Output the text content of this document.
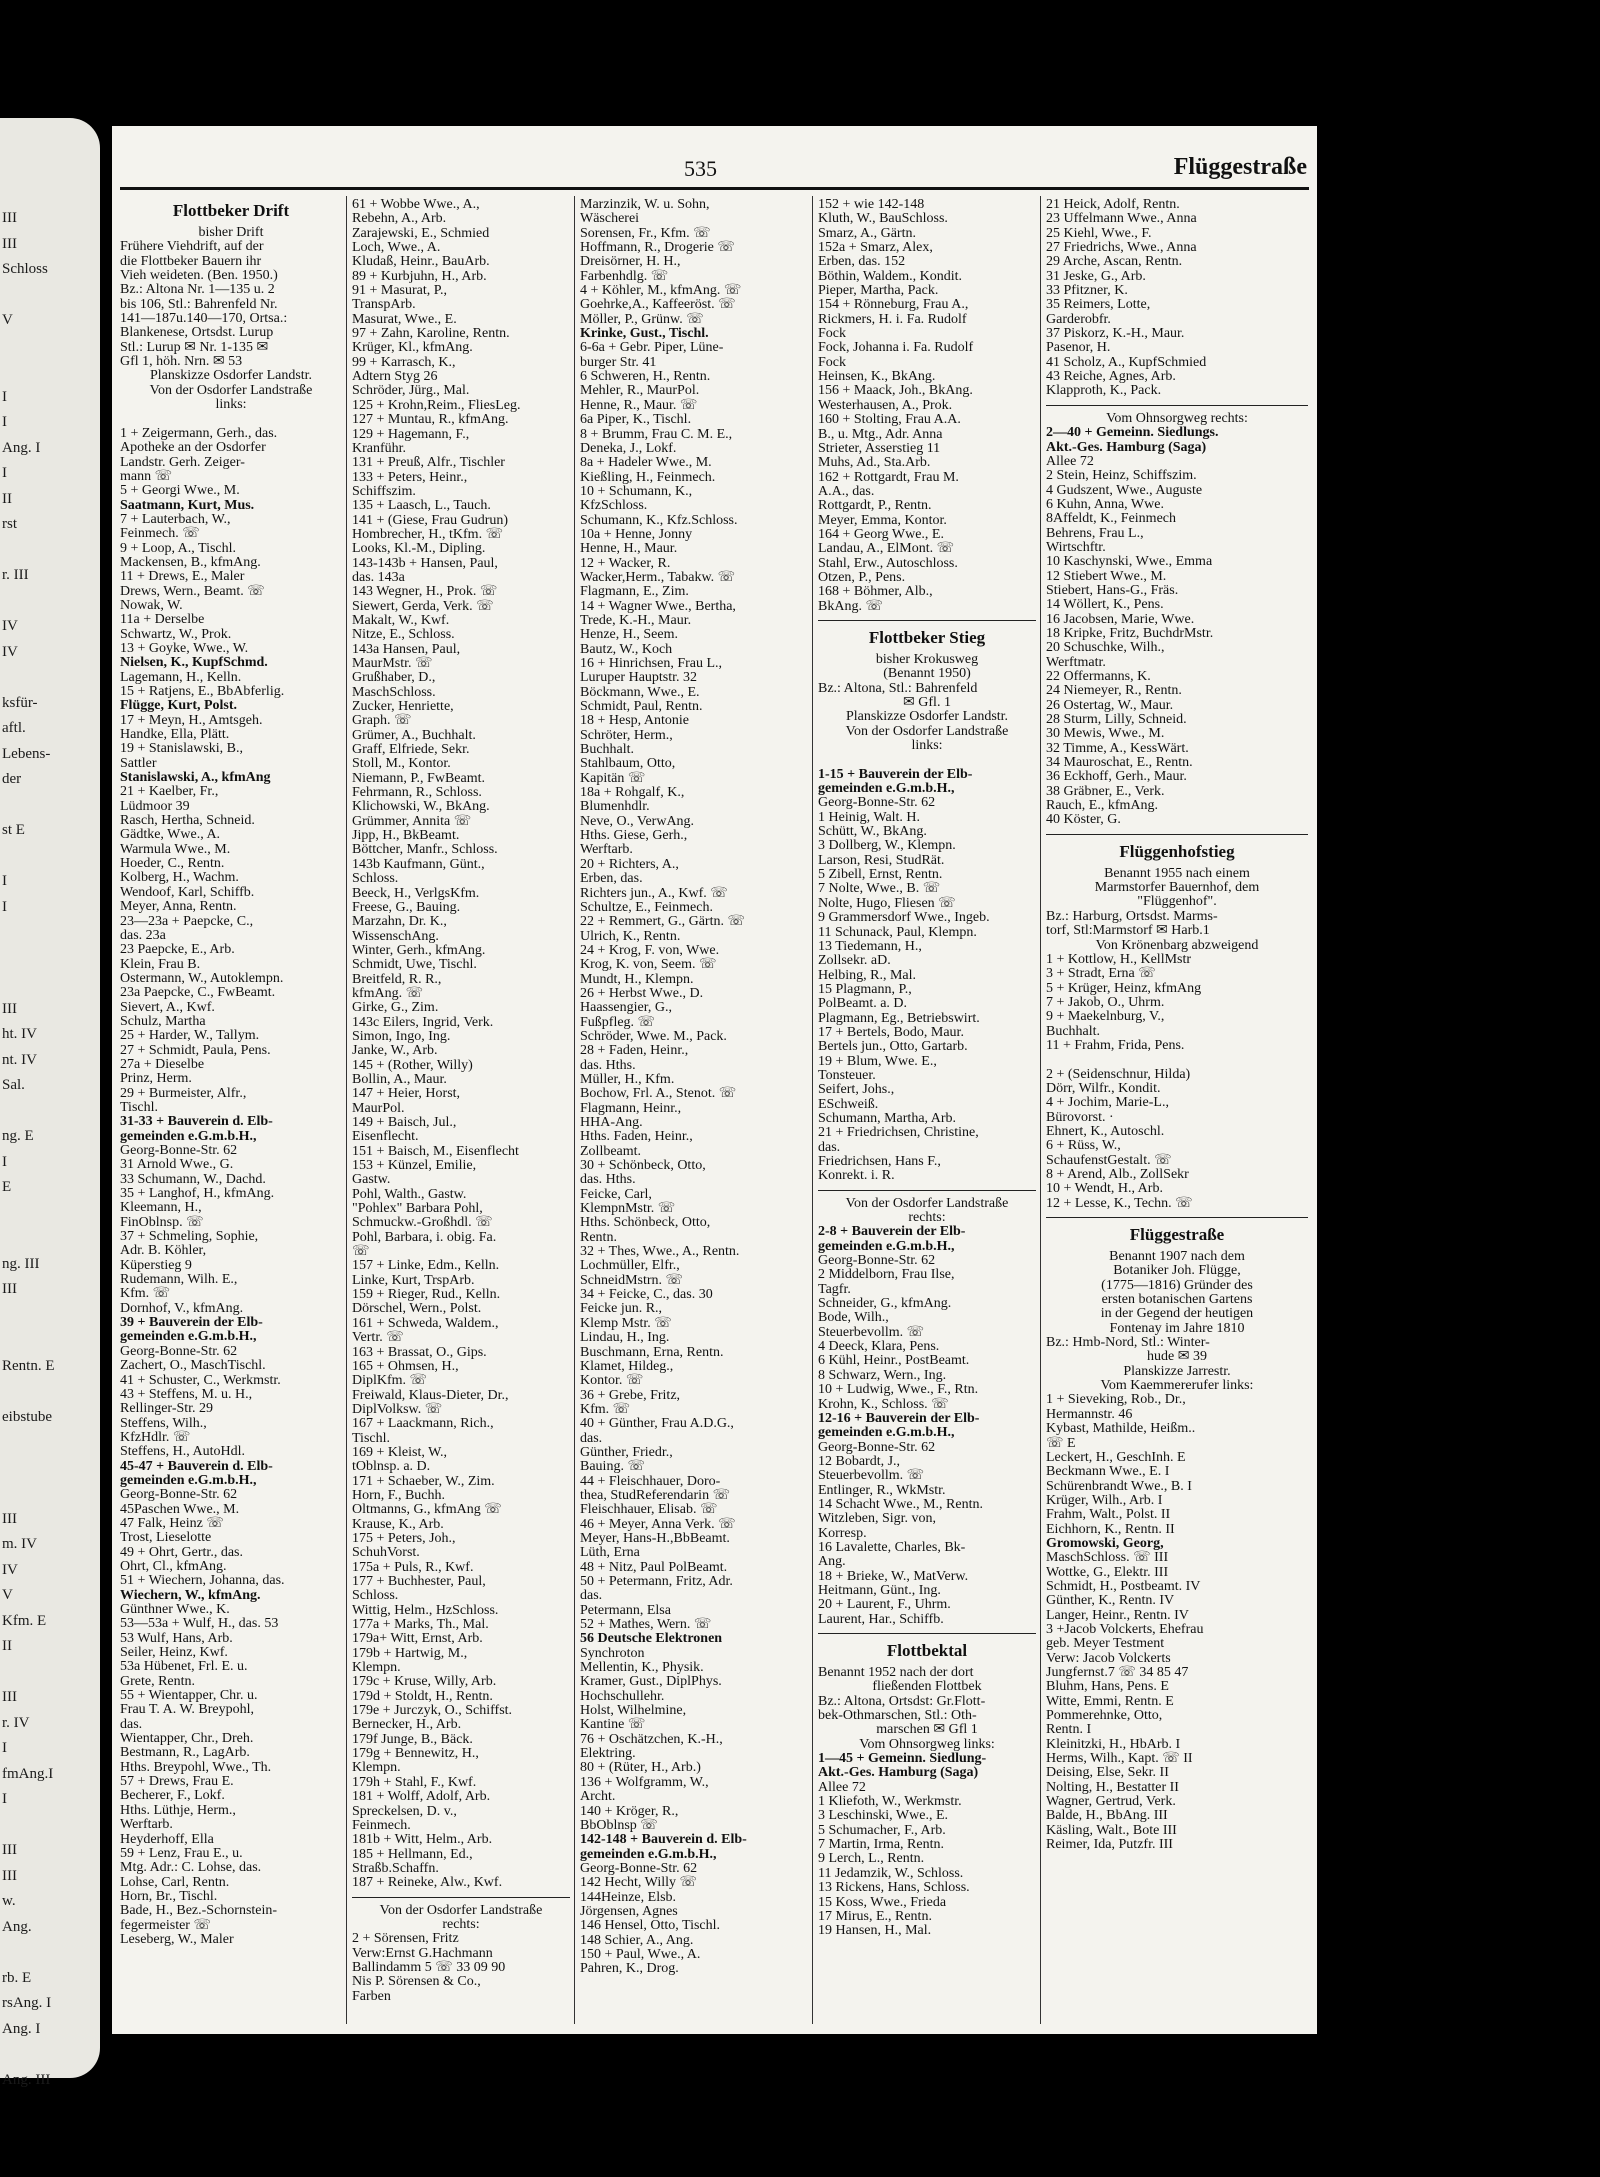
III
III
Schloss
V
I
I
Ang. I
I
II
rst
r. III
IV
IV
ksfür-
aftl.
Lebens-
der
st E
I
I
III
ht. IV
nt. IV
Sal.
ng. E
I
E
ng. III
III
Rentn. E
eibstube
III
m. IV
IV
V
Kfm. E
II
III
r. IV
I
fmAng.I
I
III
III
w.
Ang.
rb. E
rsAng. I
Ang. I
Ang. III
535	Flüggestraße
Flottbeker Drift
bisher Drift
Frühere Viehdrift, auf der
die Flottbeker Bauern ihr
Vieh weideten. (Ben. 1950.)
Bz.: Altona Nr. 1—135 u. 2
bis 106, Stl.: Bahrenfeld Nr.
141—187u.140—170, Ortsa.:
Blankenese, Ortsdst. Lurup
Stl.: Lurup ✉ Nr. 1-135 ✉
Gfl 1, höh. Nrn. ✉ 53
Planskizze Osdorfer Landstr.
Von der Osdorfer Landstraße
links:

1 + Zeigermann, Gerh., das.
Apotheke an der Osdorfer
Landstr. Gerh. Zeiger-
mann ☏
5 + Georgi Wwe., M.
Saatmann, Kurt, Mus.
7 + Lauterbach, W.,
Feinmech. ☏
9 + Loop, A., Tischl.
Mackensen, B., kfmAng.
11 + Drews, E., Maler
Drews, Wern., Beamt. ☏
Nowak, W.
11a + Derselbe
Schwartz, W., Prok.
13 + Goyke, Wwe., W.
Nielsen, K., KupfSchmd.
Lagemann, H., Kelln.
15 + Ratjens, E., BbAbferlig.
Flügge, Kurt, Polst.
17 + Meyn, H., Amtsgeh.
Handke, Ella, Plätt.
19 + Stanislawski, B.,
Sattler
Stanislawski, A., kfmAng
21 + Kaelber, Fr.,
Lüdmoor 39
Rasch, Hertha, Schneid.
Gädtke, Wwe., A.
Warmula Wwe., M.
Hoeder, C., Rentn.
Kolberg, H., Wachm.
Wendoof, Karl, Schiffb.
Meyer, Anna, Rentn.
23—23a + Paepcke, C.,
das. 23a
23 Paepcke, E., Arb.
Klein, Frau B.
Ostermann, W., Autoklempn.
23a Paepcke, C., FwBeamt.
Sievert, A., Kwf.
Schulz, Martha
25 + Harder, W., Tallym.
27 + Schmidt, Paula, Pens.
27a + Dieselbe
Prinz, Herm.
29 + Burmeister, Alfr.,
Tischl.
31-33 + Bauverein d. Elb-
gemeinden e.G.m.b.H.,
Georg-Bonne-Str. 62
31 Arnold Wwe., G.
33 Schumann, W., Dachd.
35 + Langhof, H., kfmAng.
Kleemann, H.,
FinOblnsp. ☏
37 + Schmeling, Sophie,
Adr. B. Köhler,
Küperstieg 9
Rudemann, Wilh. E.,
Kfm. ☏
Dornhof, V., kfmAng.
39 + Bauverein der Elb-
gemeinden e.G.m.b.H.,
Georg-Bonne-Str. 62
Zachert, O., MaschTischl.
41 + Schuster, C., Werkmstr.
43 + Steffens, M. u. H.,
Rellinger-Str. 29
Steffens, Wilh.,
KfzHdlr. ☏
Steffens, H., AutoHdl.
45-47 + Bauverein d. Elb-
gemeinden e.G.m.b.H.,
Georg-Bonne-Str. 62
45Paschen Wwe., M.
47 Falk, Heinz ☏
Trost, Lieselotte
49 + Ohrt, Gertr., das.
Ohrt, Cl., kfmAng.
51 + Wiechern, Johanna, das.
Wiechern, W., kfmAng.
Günthner Wwe., K.
53—53a + Wulf, H., das. 53
53 Wulf, Hans, Arb.
Seiler, Heinz, Kwf.
53a Hübenet, Frl. E. u.
Grete, Rentn.
55 + Wientapper, Chr. u.
Frau T. A. W. Breypohl,
das.
Wientapper, Chr., Dreh.
Bestmann, R., LagArb.
Hths. Breypohl, Wwe., Th.
57 + Drews, Frau E.
Becherer, F., Lokf.
Hths. Lüthje, Herm.,
Werftarb.
Heyderhoff, Ella
59 + Lenz, Frau E., u.
Mtg. Adr.: C. Lohse, das.
Lohse, Carl, Rentn.
Horn, Br., Tischl.
Bade, H., Bez.-Schornstein-
fegermeister ☏
Leseberg, W., Maler
61 + Wobbe Wwe., A.,
Rebehn, A., Arb.
Zarajewski, E., Schmied
Loch, Wwe., A.
Kludaß, Heinr., BauArb.
89 + Kurbjuhn, H., Arb.
91 + Masurat, P.,
TranspArb.
Masurat, Wwe., E.
97 + Zahn, Karoline, Rentn.
Krüger, Kl., kfmAng.
99 + Karrasch, K.,
Adtern Styg 26
Schröder, Jürg., Mal.
125 + Krohn,Reim., FliesLeg.
127 + Muntau, R., kfmAng.
129 + Hagemann, F.,
Kranführ.
131 + Preuß, Alfr., Tischler
133 + Peters, Heinr.,
Schiffszim.
135 + Laasch, L., Tauch.
141 + (Giese, Frau Gudrun)
Hombrecher, H., tKfm. ☏
Looks, Kl.-M., Dipling.
143-143b + Hansen, Paul,
das. 143a
143 Wegner, H., Prok. ☏
Siewert, Gerda, Verk. ☏
Makalt, W., Kwf.
Nitze, E., Schloss.
143a Hansen, Paul,
MaurMstr. ☏
Grußhaber, D.,
MaschSchloss.
Zucker, Henriette,
Graph. ☏
Grümer, A., Buchhalt.
Graff, Elfriede, Sekr.
Stoll, M., Kontor.
Niemann, P., FwBeamt.
Fehrmann, R., Schloss.
Klichowski, W., BkAng.
Grümmer, Annita ☏
Jipp, H., BkBeamt.
Böttcher, Manfr., Schloss.
143b Kaufmann, Günt.,
Schloss.
Beeck, H., VerlgsKfm.
Freese, G., Bauing.
Marzahn, Dr. K.,
WissenschAng.
Winter, Gerh., kfmAng.
Schmidt, Uwe, Tischl.
Breitfeld, R. R.,
kfmAng. ☏
Girke, G., Zim.
143c Eilers, Ingrid, Verk.
Simon, Ingo, Ing.
Janke, W., Arb.
145 + (Rother, Willy)
Bollin, A., Maur.
147 + Heier, Horst,
MaurPol.
149 + Baisch, Jul.,
Eisenflecht.
151 + Baisch, M., Eisenflecht
153 + Künzel, Emilie,
Gastw.
Pohl, Walth., Gastw.
"Pohlex" Barbara Pohl,
Schmuckw.-Großhdl. ☏
Pohl, Barbara, i. obig. Fa.
☏
157 + Linke, Edm., Kelln.
Linke, Kurt, TrspArb.
159 + Rieger, Rud., Kelln.
Dörschel, Wern., Polst.
161 + Schweda, Waldem.,
Vertr. ☏
163 + Brassat, O., Gips.
165 + Ohmsen, H.,
DiplKfm. ☏
Freiwald, Klaus-Dieter, Dr.,
DiplVolksw. ☏
167 + Laackmann, Rich.,
Tischl.
169 + Kleist, W.,
tOblnsp. a. D.
171 + Schaeber, W., Zim.
Horn, F., Buchh.
Oltmanns, G., kfmAng ☏
Krause, K., Arb.
175 + Peters, Joh.,
SchuhVorst.
175a + Puls, R., Kwf.
177 + Buchhester, Paul,
Schloss.
Wittig, Helm., HzSchloss.
177a + Marks, Th., Mal.
179a+ Witt, Ernst, Arb.
179b + Hartwig, M.,
Klempn.
179c + Kruse, Willy, Arb.
179d + Stoldt, H., Rentn.
179e + Jurczyk, O., Schiffst.
Bernecker, H., Arb.
179f Junge, B., Bäck.
179g + Bennewitz, H.,
Klempn.
179h + Stahl, F., Kwf.
181 + Wolff, Adolf, Arb.
Spreckelsen, D. v.,
Feinmech.
181b + Witt, Helm., Arb.
185 + Hellmann, Ed.,
Straßb.Schaffn.
187 + Reineke, Alw., Kwf.
Von der Osdorfer Landstraße
rechts:
2 + Sörensen, Fritz
Verw:Ernst G.Hachmann
Ballindamm 5 ☏ 33 09 90
Nis P. Sörensen & Co.,
Farben
Marzinzik, W. u. Sohn,
Wäscherei
Sorensen, Fr., Kfm. ☏
Hoffmann, R., Drogerie ☏
Dreisörner, H. H.,
Farbenhdlg. ☏
4 + Köhler, M., kfmAng. ☏
Goehrke,A., Kaffeeröst. ☏
Möller, P., Grünw. ☏
Krinke, Gust., Tischl.
6-6a + Gebr. Piper, Lüne-
burger Str. 41
6 Schweren, H., Rentn.
Mehler, R., MaurPol.
Henne, R., Maur. ☏
6a Piper, K., Tischl.
8 + Brumm, Frau C. M. E.,
Deneka, J., Lokf.
8a + Hadeler Wwe., M.
Kießling, H., Feinmech.
10 + Schumann, K.,
KfzSchloss.
Schumann, K., Kfz.Schloss.
10a + Henne, Jonny
Henne, H., Maur.
12 + Wacker, R.
Wacker,Herm., Tabakw. ☏
Flagmann, E., Zim.
14 + Wagner Wwe., Bertha,
Trede, K.-H., Maur.
Henze, H., Seem.
Bautz, W., Koch
16 + Hinrichsen, Frau L.,
Luruper Hauptstr. 32
Böckmann, Wwe., E.
Schmidt, Paul, Rentn.
18 + Hesp, Antonie
Schröter, Herm.,
Buchhalt.
Stahlbaum, Otto,
Kapitän ☏
18a + Rohgalf, K.,
Blumenhdlr.
Neve, O., VerwAng.
Hths. Giese, Gerh.,
Werftarb.
20 + Richters, A.,
Erben, das.
Richters jun., A., Kwf. ☏
Schultze, E., Feinmech.
22 + Remmert, G., Gärtn. ☏
Ulrich, K., Rentn.
24 + Krog, F. von, Wwe.
Krog, K. von, Seem. ☏
Mundt, H., Klempn.
26 + Herbst Wwe., D.
Haassengier, G.,
Fußpfleg. ☏
Schröder, Wwe. M., Pack.
28 + Faden, Heinr.,
das. Hths.
Müller, H., Kfm.
Bochow, Frl. A., Stenot. ☏
Flagmann, Heinr.,
HHA-Ang.
Hths. Faden, Heinr.,
Zollbeamt.
30 + Schönbeck, Otto,
das. Hths.
Feicke, Carl,
KlempnMstr. ☏
Hths. Schönbeck, Otto,
Rentn.
32 + Thes, Wwe., A., Rentn.
Lochmüller, Elfr.,
SchneidMstrn. ☏
34 + Feicke, C., das. 30
Feicke jun. R.,
Klemp Mstr. ☏
Lindau, H., Ing.
Buschmann, Erna, Rentn.
Klamet, Hildeg.,
Kontor. ☏
36 + Grebe, Fritz,
Kfm. ☏
40 + Günther, Frau A.D.G.,
das.
Günther, Friedr.,
Bauing. ☏
44 + Fleischhauer, Doro-
thea, StudReferendarin ☏
Fleischhauer, Elisab. ☏
46 + Meyer, Anna Verk. ☏
Meyer, Hans-H.,BbBeamt.
Lüth, Erna
48 + Nitz, Paul PolBeamt.
50 + Petermann, Fritz, Adr.
das.
Petermann, Elsa
52 + Mathes, Wern. ☏
56 Deutsche Elektronen
Synchroton
Mellentin, K., Physik.
Kramer, Gust., DiplPhys.
Hochschullehr.
Holst, Wilhelmine,
Kantine ☏
76 + Oschätzchen, K.-H.,
Elektring.
80 + (Rüter, H., Arb.)
136 + Wolfgramm, W.,
Archt.
140 + Kröger, R.,
BbOblnsp ☏
142-148 + Bauverein d. Elb-
gemeinden e.G.m.b.H.,
Georg-Bonne-Str. 62
142 Hecht, Willy ☏
144Heinze, Elsb.
Jörgensen, Agnes
146 Hensel, Otto, Tischl.
148 Schier, A., Ang.
150 + Paul, Wwe., A.
Pahren, K., Drog.
152 + wie 142-148
Kluth, W., BauSchloss.
Smarz, A., Gärtn.
152a + Smarz, Alex,
Erben, das. 152
Böthin, Waldem., Kondit.
Pieper, Martha, Pack.
154 + Rönneburg, Frau A.,
Rickmers, H. i. Fa. Rudolf
Fock
Fock, Johanna i. Fa. Rudolf
Fock
Heinsen, K., BkAng.
156 + Maack, Joh., BkAng.
Westerhausen, A., Prok.
160 + Stolting, Frau A.A.
B., u. Mtg., Adr. Anna
Strieter, Asserstieg 11
Muhs, Ad., Sta.Arb.
162 + Rottgardt, Frau M.
A.A., das.
Rottgardt, P., Rentn.
Meyer, Emma, Kontor.
164 + Georg Wwe., E.
Landau, A., ElMont. ☏
Stahl, Erw., Autoschloss.
Otzen, P., Pens.
168 + Böhmer, Alb.,
BkAng. ☏
Flottbeker Stieg
bisher Krokusweg
(Benannt 1950)
Bz.: Altona, Stl.: Bahrenfeld
✉ Gfl. 1
Planskizze Osdorfer Landstr.
Von der Osdorfer Landstraße
links:

1-15 + Bauverein der Elb-
gemeinden e.G.m.b.H.,
Georg-Bonne-Str. 62
1 Heinig, Walt. H.
Schütt, W., BkAng.
3 Dollberg, W., Klempn.
Larson, Resi, StudRät.
5 Zibell, Ernst, Rentn.
7 Nolte, Wwe., B. ☏
Nolte, Hugo, Fliesen ☏
9 Grammersdorf Wwe., Ingeb.
11 Schunack, Paul, Klempn.
13 Tiedemann, H.,
Zollsekr. aD.
Helbing, R., Mal.
15 Plagmann, P.,
PolBeamt. a. D.
Plagmann, Eg., Betriebswirt.
17 + Bertels, Bodo, Maur.
Bertels jun., Otto, Gartarb.
19 + Blum, Wwe. E.,
Tonsteuer.
Seifert, Johs.,
ESchweiß.
Schumann, Martha, Arb.
21 + Friedrichsen, Christine,
das.
Friedrichsen, Hans F.,
Konrekt. i. R.
Von der Osdorfer Landstraße
rechts:
2-8 + Bauverein der Elb-
gemeinden e.G.m.b.H.,
Georg-Bonne-Str. 62
2 Middelborn, Frau Ilse,
Tagfr.
Schneider, G., kfmAng.
Bode, Wilh.,
Steuerbevollm. ☏
4 Deeck, Klara, Pens.
6 Kühl, Heinr., PostBeamt.
8 Schwarz, Wern., Ing.
10 + Ludwig, Wwe., F., Rtn.
Krohn, K., Schloss. ☏
12-16 + Bauverein der Elb-
gemeinden e.G.m.b.H.,
Georg-Bonne-Str. 62
12 Bobardt, J.,
Steuerbevollm. ☏
Entlinger, R., WkMstr.
14 Schacht Wwe., M., Rentn.
Witzleben, Sigr. von,
Korresp.
16 Lavalette, Charles, Bk-
Ang.
18 + Brieke, W., MatVerw.
Heitmann, Günt., Ing.
20 + Laurent, F., Uhrm.
Laurent, Har., Schiffb.
Flottbektal
Benannt 1952 nach der dort
fließenden Flottbek
Bz.: Altona, Ortsdst: Gr.Flott-
bek-Othmarschen, Stl.: Oth-
marschen ✉ Gfl 1
Vom Ohnsorgweg links:
1—45 + Gemeinn. Siedlung-
Akt.-Ges. Hamburg (Saga)
Allee 72
1 Kliefoth, W., Werkmstr.
3 Leschinski, Wwe., E.
5 Schumacher, F., Arb.
7 Martin, Irma, Rentn.
9 Lerch, L., Rentn.
11 Jedamzik, W., Schloss.
13 Rickens, Hans, Schloss.
15 Koss, Wwe., Frieda
17 Mirus, E., Rentn.
19 Hansen, H., Mal.
21 Heick, Adolf, Rentn.
23 Uffelmann Wwe., Anna
25 Kiehl, Wwe., F.
27 Friedrichs, Wwe., Anna
29 Arche, Ascan, Rentn.
31 Jeske, G., Arb.
33 Pfitzner, K.
35 Reimers, Lotte,
Garderobfr.
37 Piskorz, K.-H., Maur.
Pasenor, H.
41 Scholz, A., KupfSchmied
43 Reiche, Agnes, Arb.
Klapproth, K., Pack.
Vom Ohnsorgweg rechts:
2—40 + Gemeinn. Siedlungs.
Akt.-Ges. Hamburg (Saga)
Allee 72
2 Stein, Heinz, Schiffszim.
4 Gudszent, Wwe., Auguste
6 Kuhn, Anna, Wwe.
8Affeldt, K., Feinmech
Behrens, Frau L.,
Wirtschftr.
10 Kaschynski, Wwe., Emma
12 Stiebert Wwe., M.
Stiebert, Hans-G., Fräs.
14 Wöllert, K., Pens.
16 Jacobsen, Marie, Wwe.
18 Kripke, Fritz, BuchdrMstr.
20 Schuschke, Wilh.,
Werftmatr.
22 Offermanns, K.
24 Niemeyer, R., Rentn.
26 Ostertag, W., Maur.
28 Sturm, Lilly, Schneid.
30 Mewis, Wwe., M.
32 Timme, A., KessWärt.
34 Mauroschat, E., Rentn.
36 Eckhoff, Gerh., Maur.
38 Gräbner, E., Verk.
Rauch, E., kfmAng.
40 Köster, G.
Flüggenhofstieg
Benannt 1955 nach einem
Marmstorfer Bauernhof, dem
"Flüggenhof".
Bz.: Harburg, Ortsdst. Marms-
torf, Stl:Marmstorf ✉ Harb.1
Von Krönenbarg abzweigend
1 + Kottlow, H., KellMstr
3 + Stradt, Erna ☏
5 + Krüger, Heinz, kfmAng
7 + Jakob, O., Uhrm.
9 + Maekelnburg, V.,
Buchhalt.
11 + Frahm, Frida, Pens.

2 + (Seidenschnur, Hilda)
Dörr, Wilfr., Kondit.
4 + Jochim, Marie-L.,
Bürovorst. ·
Ehnert, K., Autoschl.
6 + Rüss, W.,
SchaufenstGestalt. ☏
8 + Arend, Alb., ZollSekr
10 + Wendt, H., Arb.
12 + Lesse, K., Techn. ☏
Flüggestraße
Benannt 1907 nach dem
Botaniker Joh. Flügge,
(1775—1816) Gründer des
ersten botanischen Gartens
in der Gegend der heutigen
Fontenay im Jahre 1810
Bz.: Hmb-Nord, Stl.: Winter-
hude ✉ 39
Planskizze Jarrestr.
Vom Kaemmererufer links:
1 + Sieveking, Rob., Dr.,
Hermannstr. 46
Kybast, Mathilde, Heißm..
☏ E
Leckert, H., GeschInh. E
Beckmann Wwe., E. I
Schürenbrandt Wwe., B. I
Krüger, Wilh., Arb. I
Frahm, Walt., Polst. II
Eichhorn, K., Rentn. II
Gromowski, Georg,
MaschSchloss. ☏ III
Wottke, G., Elektr. III
Schmidt, H., Postbeamt. IV
Günther, K., Rentn. IV
Langer, Heinr., Rentn. IV
3 +Jacob Volckerts, Ehefrau
geb. Meyer Testment
Verw: Jacob Volckerts
Jungfernst.7 ☏ 34 85 47
Bluhm, Hans, Pens. E
Witte, Emmi, Rentn. E
Pommerehnke, Otto,
Rentn. I
Kleinitzki, H., HbArb. I
Herms, Wilh., Kapt. ☏ II
Deising, Else, Sekr. II
Nolting, H., Bestatter II
Wagner, Gertrud, Verk.
Balde, H., BbAng. III
Käsling, Walt., Bote III
Reimer, Ida, Putzfr. III
